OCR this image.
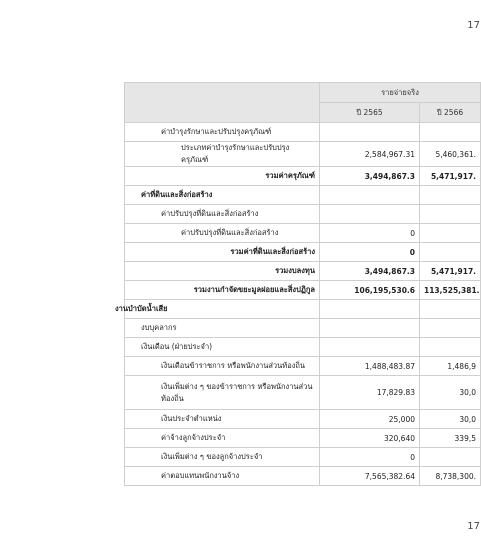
17
	รายจ่ายจริง	
	ปี 2565	ปี 2566
ค่าบำรุงรักษาและปรับปรุงครุภัณฑ์		
ประเภทค่าบำรุงรักษาและปรับปรุงครุภัณฑ์	2,584,967.31	5,460,361.
รวมค่าครุภัณฑ์	3,494,867.3	5,471,917.
ค่าที่ดินและสิ่งก่อสร้าง		
ค่าปรับปรุงที่ดินและสิ่งก่อสร้าง		
ค่าปรับปรุงที่ดินและสิ่งก่อสร้าง	0	
รวมค่าที่ดินและสิ่งก่อสร้าง	0	
รวมงบลงทุน	3,494,867.3	5,471,917.
รวมงานกำจัดขยะมูลฝอยและสิ่งปฏิกูล	106,195,530.6	113,525,381.
งานบำบัดน้ำเสีย		
งบบุคลากร		
เงินเดือน (ฝ่ายประจำ)		
เงินเดือนข้าราชการ หรือพนักงานส่วนท้องถิ่น	1,488,483.87	1,486,9
เงินเพิ่มต่าง ๆ ของข้าราชการ หรือพนักงานส่วนท้องถิ่น	17,829.83	30,0
เงินประจำตำแหน่ง	25,000	30,0
ค่าจ้างลูกจ้างประจำ	320,640	339,5
เงินเพิ่มต่าง ๆ ของลูกจ้างประจำ	0	
ค่าตอบแทนพนักงานจ้าง	7,565,382.64	8,738,300.
17
